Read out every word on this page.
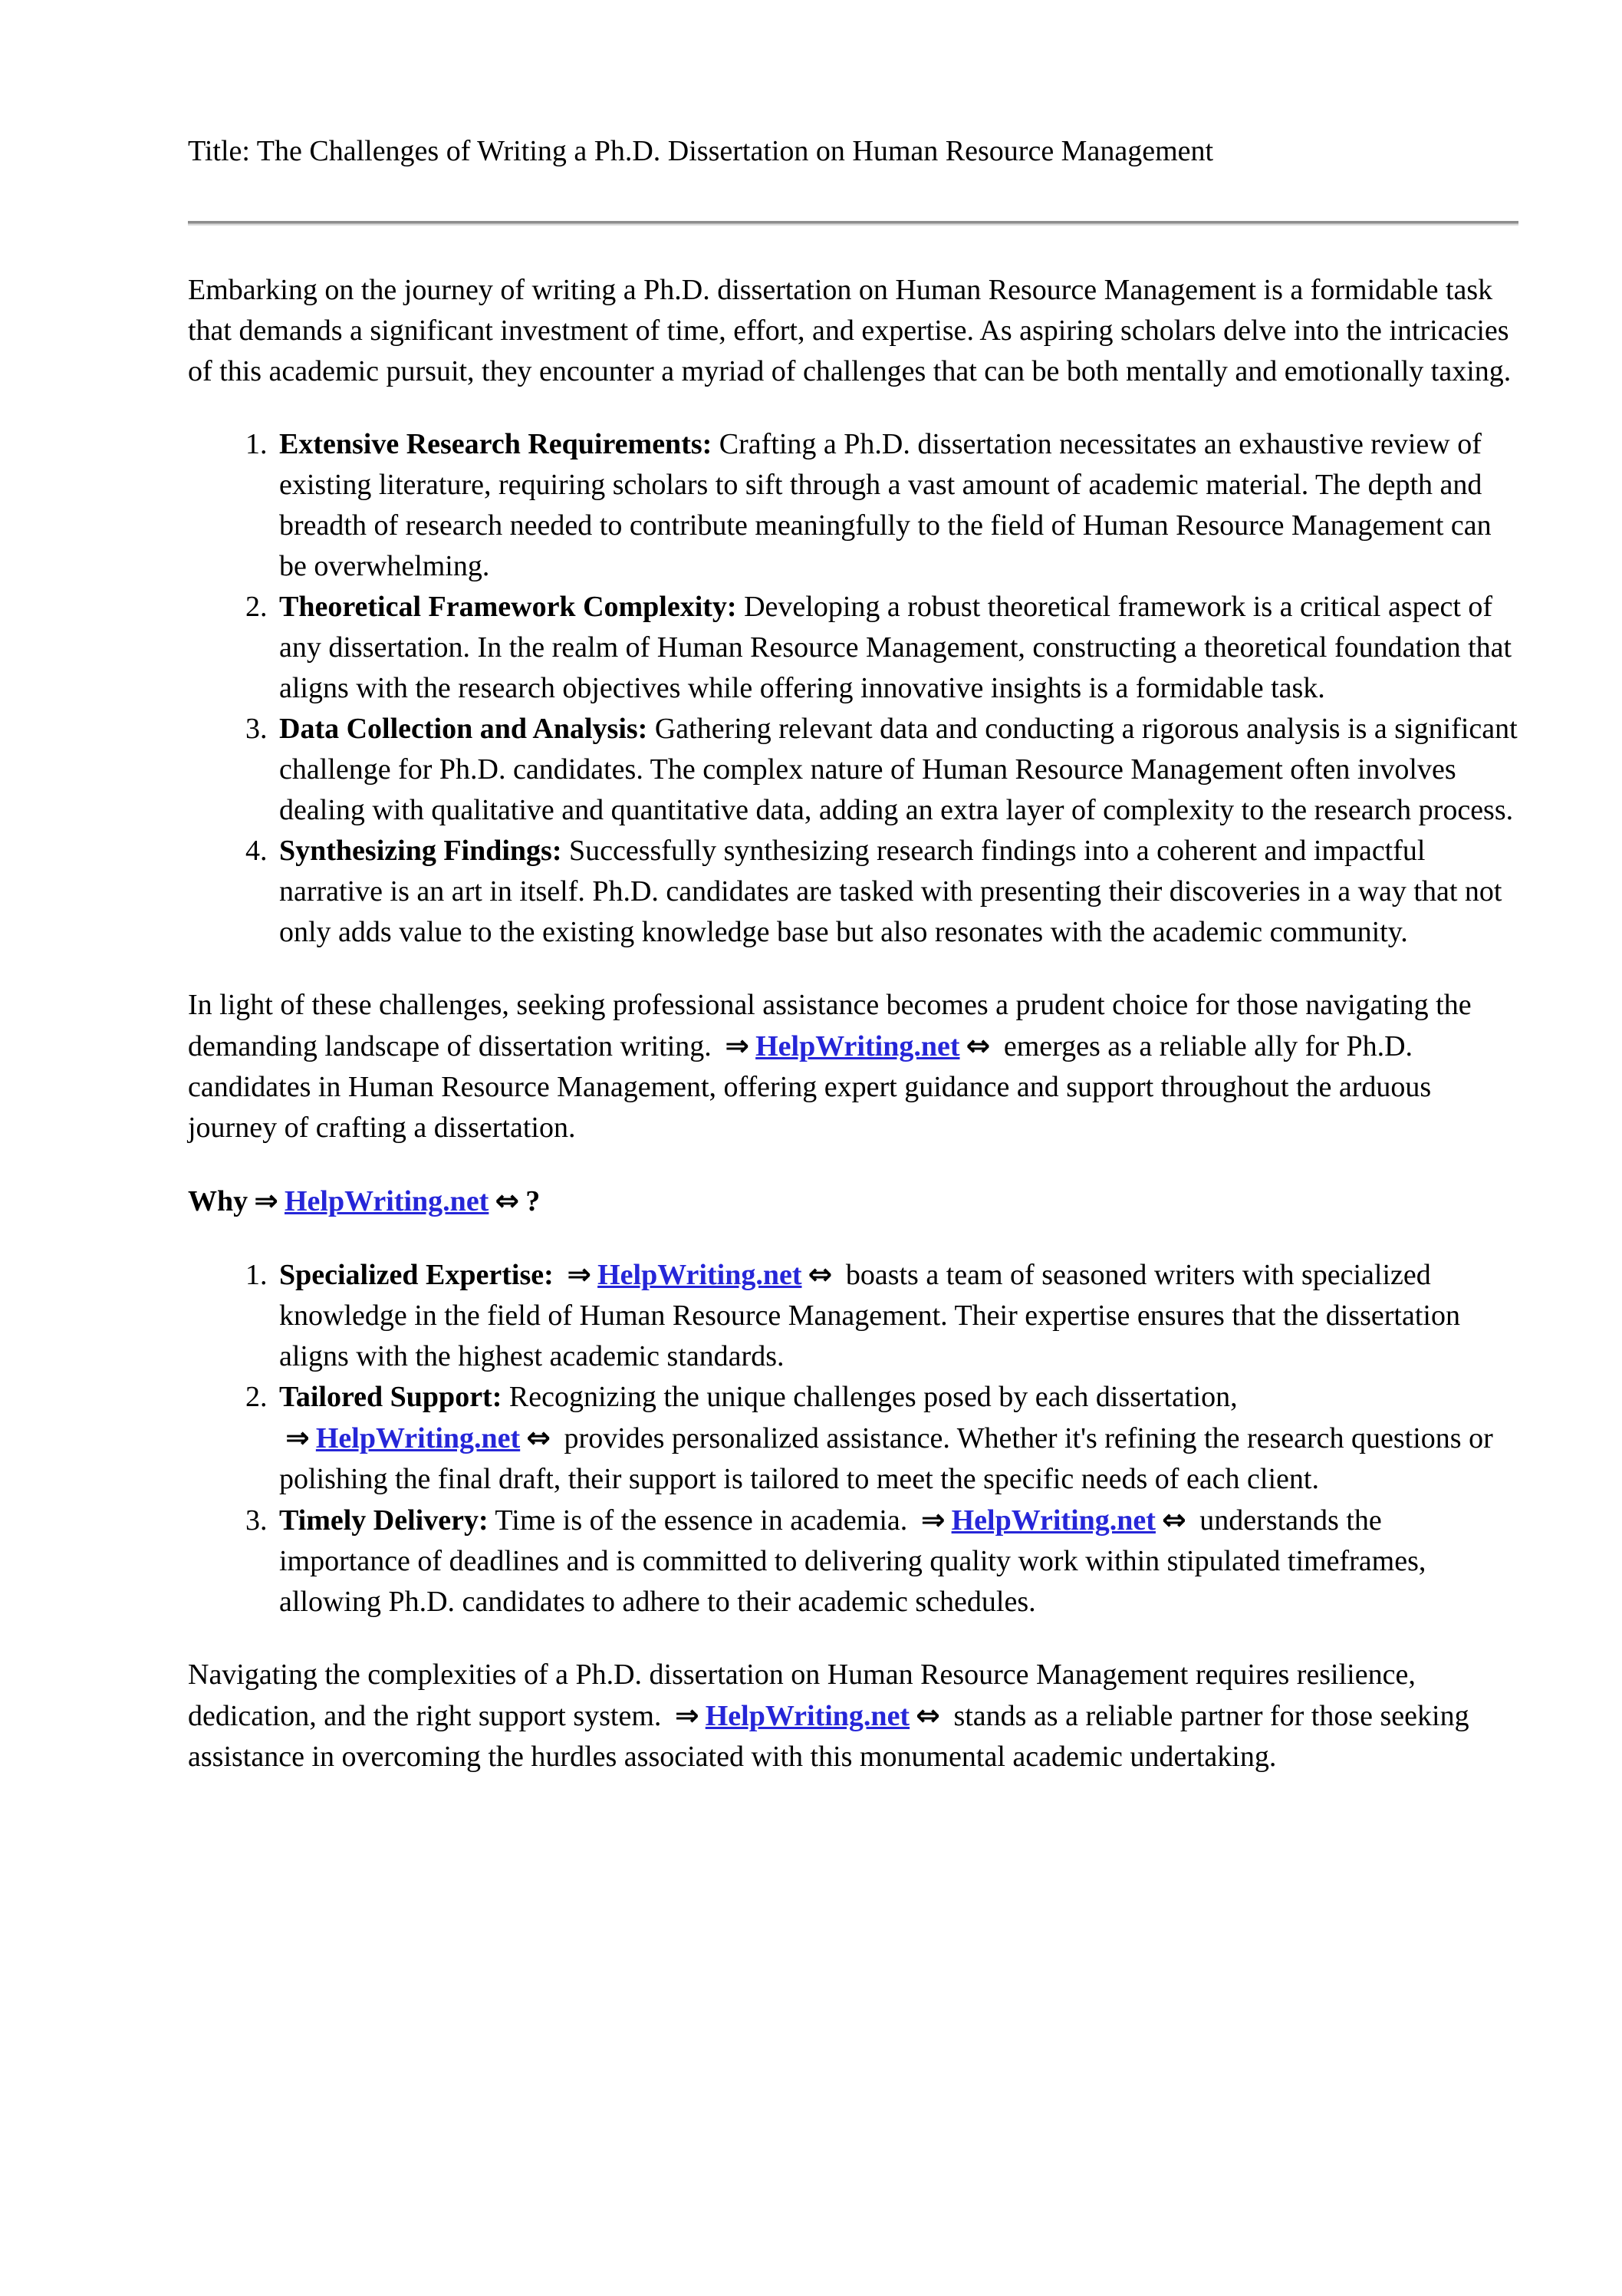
Title: The Challenges of Writing a Ph.D. Dissertation on Human Resource Management

Embarking on the journey of writing a Ph.D. dissertation on Human Resource Management is a formidable task that demands a significant investment of time, effort, and expertise. As aspiring scholars delve into the intricacies of this academic pursuit, they encounter a myriad of challenges that can be both mentally and emotionally taxing.

1. Extensive Research Requirements: Crafting a Ph.D. dissertation necessitates an exhaustive review of existing literature, requiring scholars to sift through a vast amount of academic material. The depth and breadth of research needed to contribute meaningfully to the field of Human Resource Management can be overwhelming.
2. Theoretical Framework Complexity: Developing a robust theoretical framework is a critical aspect of any dissertation. In the realm of Human Resource Management, constructing a theoretical foundation that aligns with the research objectives while offering innovative insights is a formidable task.
3. Data Collection and Analysis: Gathering relevant data and conducting a rigorous analysis is a significant challenge for Ph.D. candidates. The complex nature of Human Resource Management often involves dealing with qualitative and quantitative data, adding an extra layer of complexity to the research process.
4. Synthesizing Findings: Successfully synthesizing research findings into a coherent and impactful narrative is an art in itself. Ph.D. candidates are tasked with presenting their discoveries in a way that not only adds value to the existing knowledge base but also resonates with the academic community.

In light of these challenges, seeking professional assistance becomes a prudent choice for those navigating the demanding landscape of dissertation writing. ⇒ HelpWriting.net ⇔ emerges as a reliable ally for Ph.D. candidates in Human Resource Management, offering expert guidance and support throughout the arduous journey of crafting a dissertation.

Why ⇒ HelpWriting.net ⇔ ?

1. Specialized Expertise: ⇒ HelpWriting.net ⇔ boasts a team of seasoned writers with specialized knowledge in the field of Human Resource Management. Their expertise ensures that the dissertation aligns with the highest academic standards.
2. Tailored Support: Recognizing the unique challenges posed by each dissertation, ⇒ HelpWriting.net ⇔ provides personalized assistance. Whether it's refining the research questions or polishing the final draft, their support is tailored to meet the specific needs of each client.
3. Timely Delivery: Time is of the essence in academia. ⇒ HelpWriting.net ⇔ understands the importance of deadlines and is committed to delivering quality work within stipulated timeframes, allowing Ph.D. candidates to adhere to their academic schedules.

Navigating the complexities of a Ph.D. dissertation on Human Resource Management requires resilience, dedication, and the right support system. ⇒ HelpWriting.net ⇔ stands as a reliable partner for those seeking assistance in overcoming the hurdles associated with this monumental academic undertaking.
